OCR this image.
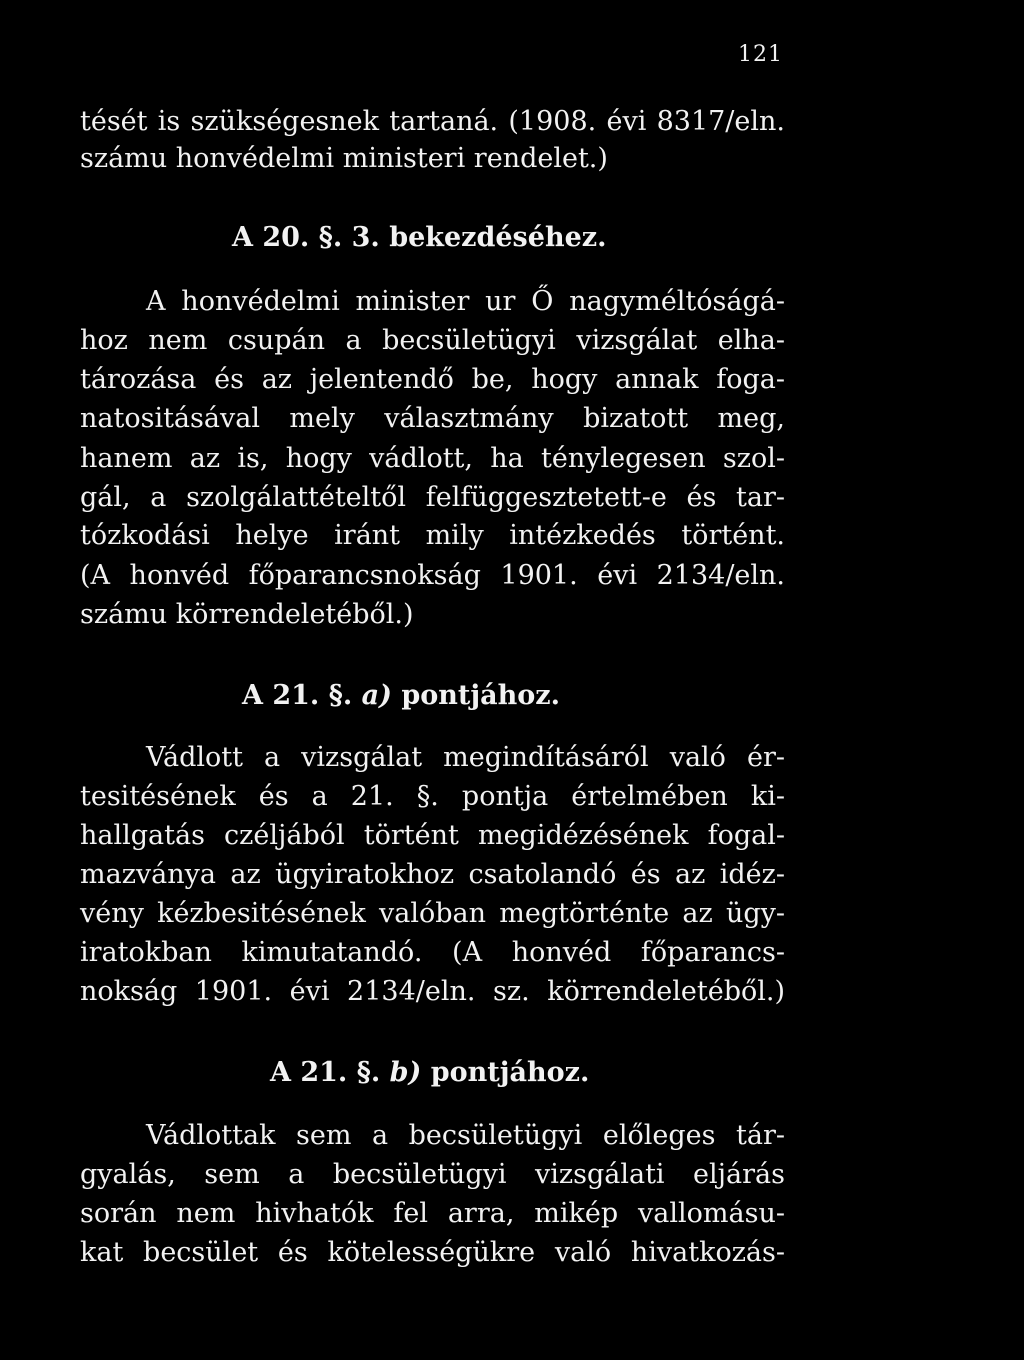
121
tését is szükségesnek tartaná. (1908. évi 8317/eln.
számu honvédelmi ministeri rendelet.)
A 20. §. 3. bekezdéséhez.
A honvédelmi minister ur Ő nagyméltóságá-
hoz nem csupán a becsületügyi vizsgálat elha-
tározása és az jelentendő be, hogy annak foga-
natositásával mely választmány bizatott meg,
hanem az is, hogy vádlott, ha ténylegesen szol-
gál, a szolgálattételtől felfüggesztetett-e és tar-
tózkodási helye iránt mily intézkedés történt.
(A honvéd főparancsnokság 1901. évi 2134/eln.
számu körrendeletéből.)
A 21. §. a) pontjához.
Vádlott a vizsgálat megindításáról való ér-
tesitésének és a 21. §. pontja értelmében ki-
hallgatás czéljából történt megidézésének fogal-
mazványa az ügyiratokhoz csatolandó és az idéz-
vény kézbesitésének valóban megtörténte az ügy-
iratokban kimutatandó. (A honvéd főparancs-
nokság 1901. évi 2134/eln. sz. körrendeletéből.)
A 21. §. b) pontjához.
Vádlottak sem a becsületügyi előleges tár-
gyalás, sem a becsületügyi vizsgálati eljárás
során nem hivhatók fel arra, mikép vallomásu-
kat becsület és kötelességükre való hivatkozás-
